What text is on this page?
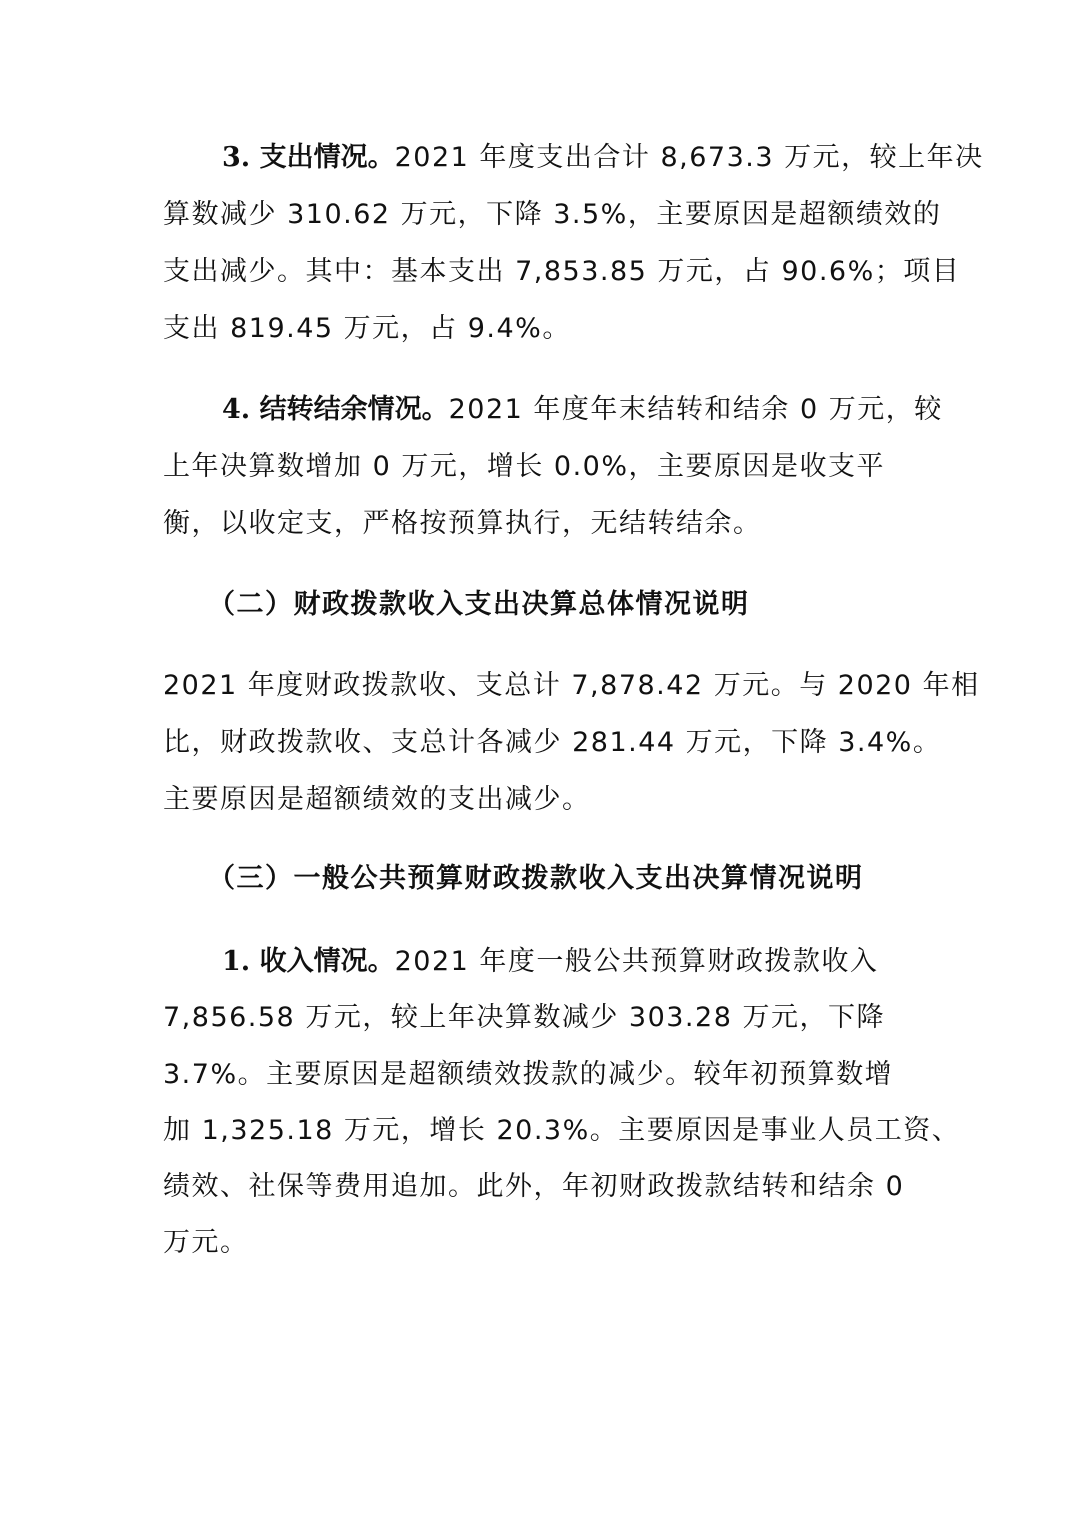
3. 支出情况。2021 年度支出合计 8,673.3 万元，较上年决
算数减少 310.62 万元，下降 3.5%，主要原因是超额绩效的
支出减少。其中：基本支出 7,853.85 万元，占 90.6%；项目
支出 819.45 万元，占 9.4%。
4. 结转结余情况。2021 年度年末结转和结余 0 万元，较
上年决算数增加 0 万元，增长 0.0%，主要原因是收支平
衡，以收定支，严格按预算执行，无结转结余。
（二）财政拨款收入支出决算总体情况说明
2021 年度财政拨款收、支总计 7,878.42 万元。与 2020 年相
比，财政拨款收、支总计各减少 281.44 万元，下降 3.4%。
主要原因是超额绩效的支出减少。
（三）一般公共预算财政拨款收入支出决算情况说明
1. 收入情况。2021 年度一般公共预算财政拨款收入
7,856.58 万元，较上年决算数减少 303.28 万元，下降
3.7%。主要原因是超额绩效拨款的减少。较年初预算数增
加 1,325.18 万元，增长 20.3%。主要原因是事业人员工资、
绩效、社保等费用追加。此外，年初财政拨款结转和结余 0
万元。
